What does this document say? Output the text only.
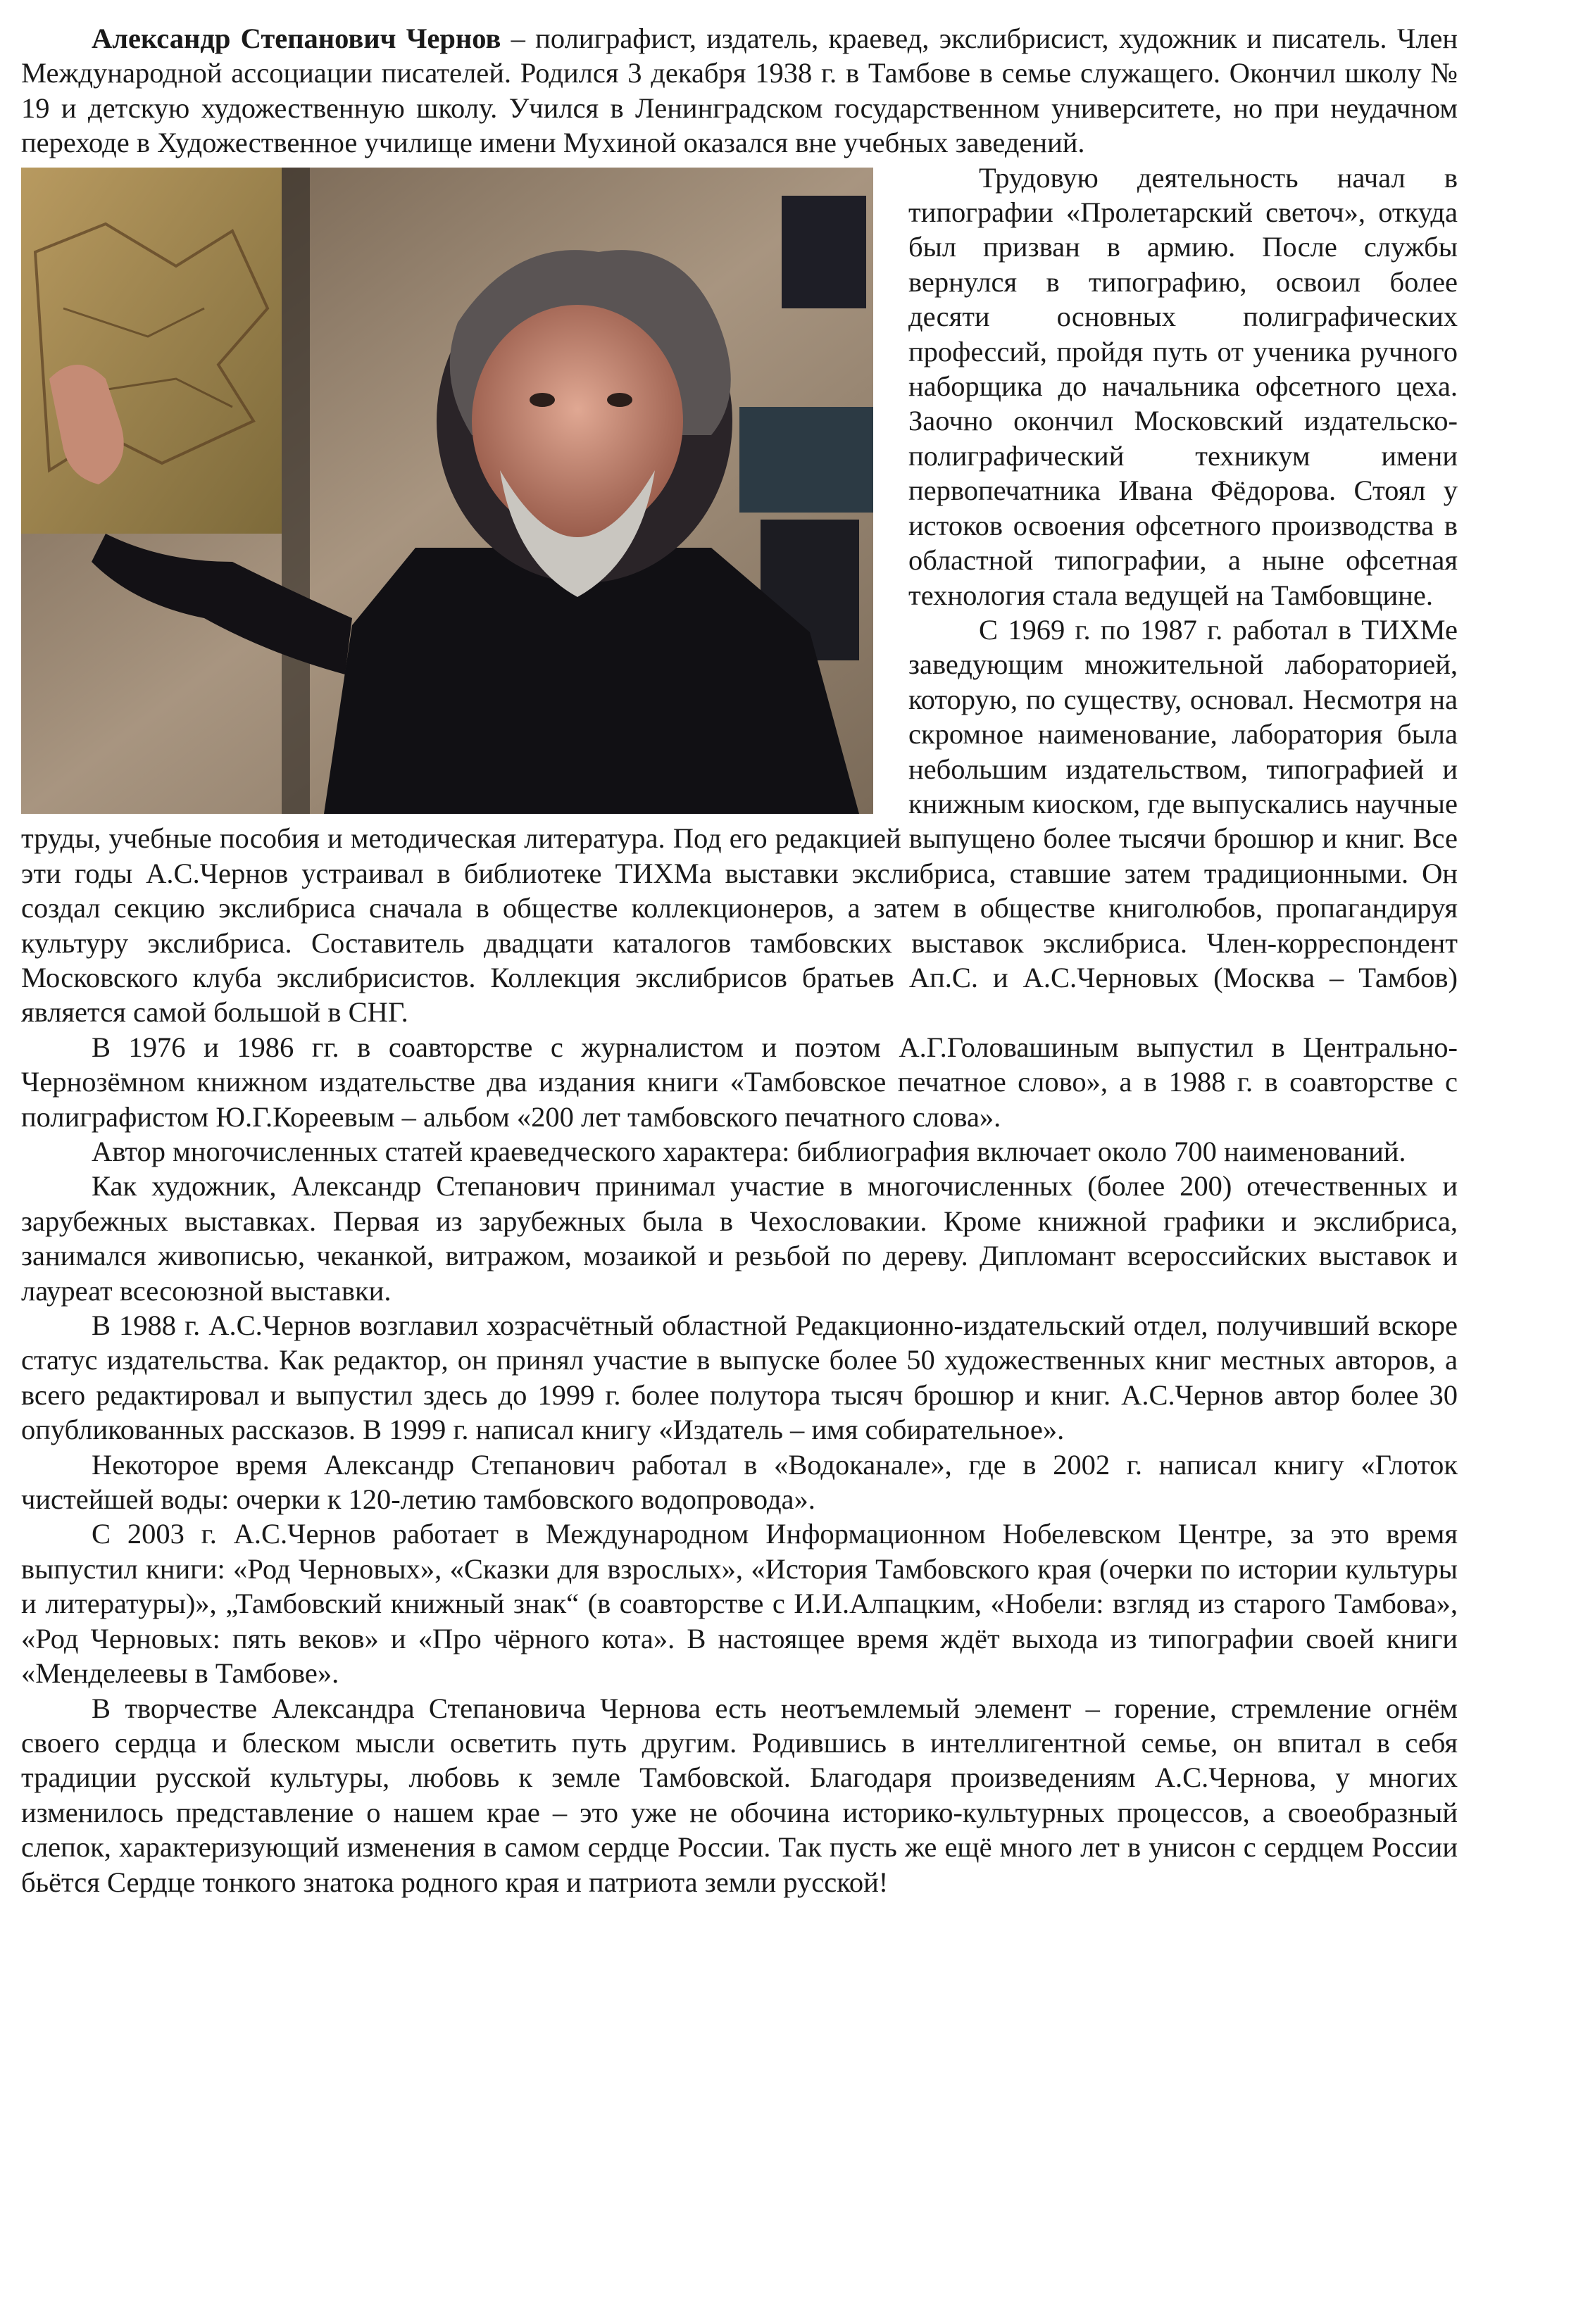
Александр Степанович Чернов – полиграфист, издатель, краевед, экслибрисист, художник и писатель. Член Международной ассоциации писателей. Родился 3 декабря 1938 г. в Тамбове в семье служащего. Окончил школу № 19 и детскую художественную школу. Учился в Ленинградском государственном университете, но при неудачном переходе в Художественное училище имени Мухиной оказался вне учебных заведений.

Трудовую деятельность начал в типографии «Пролетарский светоч», откуда был призван в армию. После службы вернулся в типографию, освоил более десяти основных полиграфических профессий, пройдя путь от ученика ручного наборщика до начальника офсетного цеха. Заочно окончил Московский издательско-полиграфический техникум имени первопечатника Ивана Фёдорова. Стоял у истоков освоения офсетного производства в областной типографии, а ныне офсетная технология стала ведущей на Тамбовщине.

С 1969 г. по 1987 г. работал в ТИХМе заведующим множительной лабораторией, которую, по существу, основал. Несмотря на скромное наименование, лаборатория была небольшим издательством, типографией и книжным киоском, где выпускались научные труды, учебные пособия и методическая литература. Под его редакцией выпущено более тысячи брошюр и книг. Все эти годы А.С.Чернов устраивал в библиотеке ТИХМа выставки экслибриса, ставшие затем традиционными. Он создал секцию экслибриса сначала в обществе коллекционеров, а затем в обществе книголюбов, пропагандируя культуру экслибриса. Составитель двадцати каталогов тамбовских выставок экслибриса. Член-корреспондент Московского клуба экслибрисистов. Коллекция экслибрисов братьев Ап.С. и А.С.Черновых (Москва – Тамбов) является самой большой в СНГ.

В 1976 и 1986 гг. в соавторстве с журналистом и поэтом А.Г.Головашиным выпустил в Центрально-Чернозёмном книжном издательстве два издания книги «Тамбовское печатное слово», а в 1988 г. в соавторстве с полиграфистом Ю.Г.Кореевым – альбом «200 лет тамбовского печатного слова».

Автор многочисленных статей краеведческого характера: библиография включает около 700 наименований.

Как художник, Александр Степанович принимал участие в многочисленных (более 200) отечественных и зарубежных выставках. Первая из зарубежных была в Чехословакии. Кроме книжной графики и экслибриса, занимался живописью, чеканкой, витражом, мозаикой и резьбой по дереву. Дипломант всероссийских выставок и лауреат всесоюзной выставки.

В 1988 г. А.С.Чернов возглавил хозрасчётный областной Редакционно-издательский отдел, получивший вскоре статус издательства. Как редактор, он принял участие в выпуске более 50 художественных книг местных авторов, а всего редактировал и выпустил здесь до 1999 г. более полутора тысяч брошюр и книг. А.С.Чернов автор более 30 опубликованных рассказов. В 1999 г. написал книгу «Издатель – имя собирательное».

Некоторое время Александр Степанович работал в «Водоканале», где в 2002 г. написал книгу «Глоток чистейшей воды: очерки к 120-летию тамбовского водопровода».

С 2003 г. А.С.Чернов работает в Международном Информационном Нобелевском Центре, за это время выпустил книги: «Род Черновых», «Сказки для взрослых», «История Тамбовского края (очерки по истории культуры и литературы)», „Тамбовский книжный знак“ (в соавторстве с И.И.Алпацким, «Нобели: взгляд из старого Тамбова», «Род Черновых: пять веков» и «Про чёрного кота». В настоящее время ждёт выхода из типографии своей книги «Менделеевы в Тамбове».

В творчестве Александра Степановича Чернова есть неотъемлемый элемент – горение, стремление огнём своего сердца и блеском мысли осветить путь другим. Родившись в интеллигентной семье, он впитал в себя традиции русской культуры, любовь к земле Тамбовской. Благодаря произведениям А.С.Чернова, у многих изменилось представление о нашем крае – это уже не обочина историко-культурных процессов, а своеобразный слепок, характеризующий изменения в самом сердце России. Так пусть же ещё много лет в унисон с сердцем России бьётся Сердце тонкого знатока родного края и патриота земли русской!
